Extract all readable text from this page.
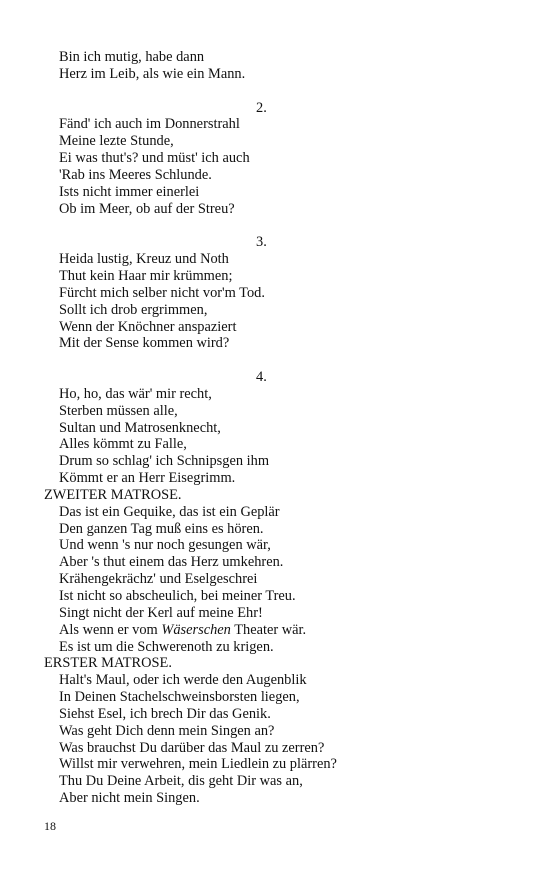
Bin ich mutig, habe dann
Herz im Leib, als wie ein Mann.
2.
Fänd' ich auch im Donnerstrahl
Meine lezte Stunde,
Ei was thut's? und müst' ich auch
'Rab ins Meeres Schlunde.
Ists nicht immer einerlei
Ob im Meer, ob auf der Streu?
3.
Heida lustig, Kreuz und Noth
Thut kein Haar mir krümmen;
Fürcht mich selber nicht vor'm Tod.
Sollt ich drob ergrimmen,
Wenn der Knöchner anspaziert
Mit der Sense kommen wird?
4.
Ho, ho, das wär' mir recht,
Sterben müssen alle,
Sultan und Matrosenknecht,
Alles kömmt zu Falle,
Drum so schlag' ich Schnipsgen ihm
Kömmt er an Herr Eisegrimm.
ZWEITER MATROSE.
Das ist ein Gequike, das ist ein Geplär
Den ganzen Tag muß eins es hören.
Und wenn 's nur noch gesungen wär,
Aber 's thut einem das Herz umkehren.
Krähengekrächz' und Eselgeschrei
Ist nicht so abscheulich, bei meiner Treu.
Singt nicht der Kerl auf meine Ehr!
Als wenn er vom Wäserschen Theater wär.
Es ist um die Schwerenoth zu krigen.
ERSTER MATROSE.
Halt's Maul, oder ich werde den Augenblik
In Deinen Stachelschweinsborsten liegen,
Siehst Esel, ich brech Dir das Genik.
Was geht Dich denn mein Singen an?
Was brauchst Du darüber das Maul zu zerren?
Willst mir verwehren, mein Liedlein zu plärren?
Thu Du Deine Arbeit, dis geht Dir was an,
Aber nicht mein Singen.
18
